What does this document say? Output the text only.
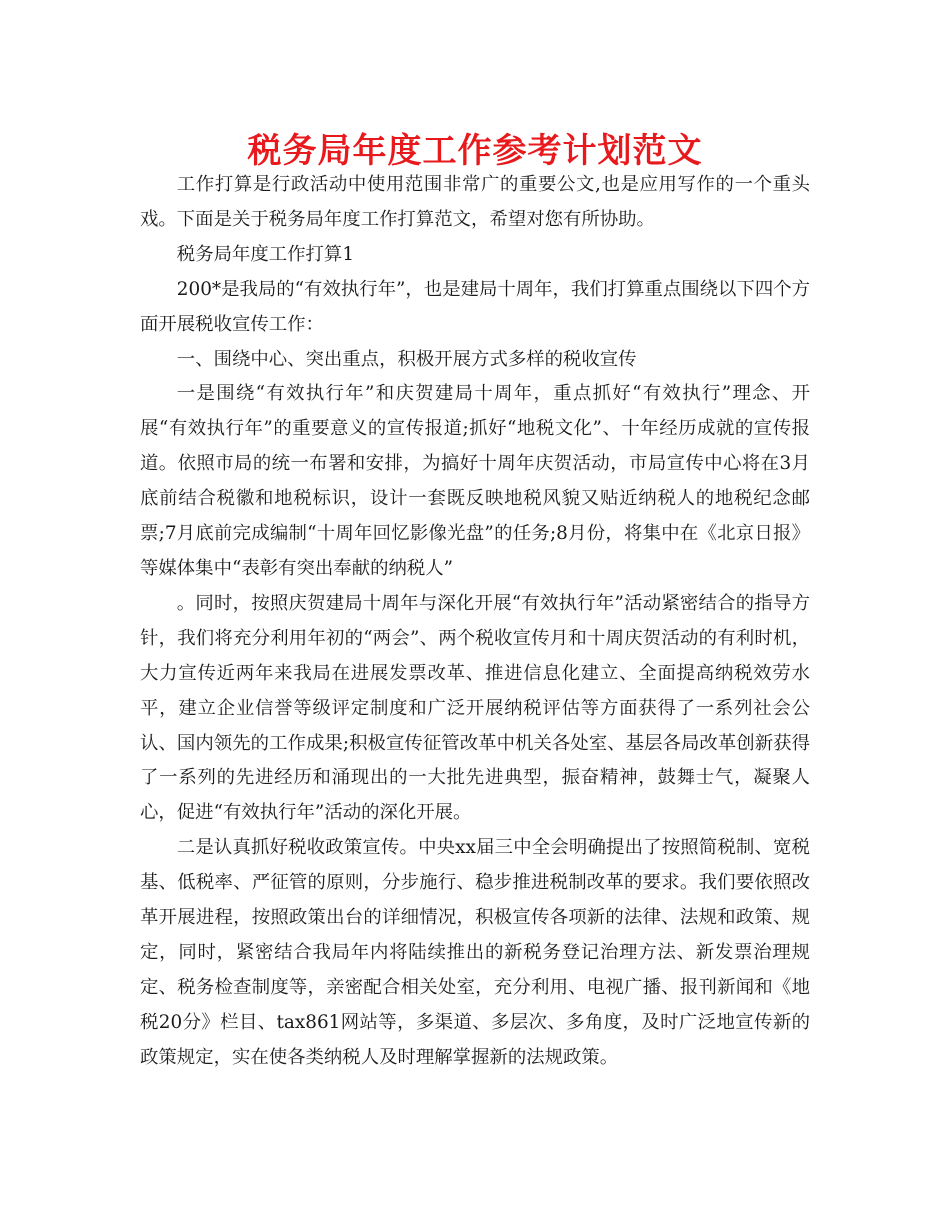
税务局年度工作参考计划范文

工作打算是行政活动中使用范围非常广的重要公文,也是应用写作的一个重头戏。下面是关于税务局年度工作打算范文，希望对您有所协助。

税务局年度工作打算1

200*是我局的“有效执行年”，也是建局十周年，我们打算重点围绕以下四个方面开展税收宣传工作：

一、围绕中心、突出重点，积极开展方式多样的税收宣传

一是围绕“有效执行年”和庆贺建局十周年，重点抓好“有效执行”理念、开展“有效执行年”的重要意义的宣传报道;抓好“地税文化”、十年经历成就的宣传报道。依照市局的统一布署和安排，为搞好十周年庆贺活动，市局宣传中心将在3月底前结合税徽和地税标识，设计一套既反映地税风貌又贴近纳税人的地税纪念邮票;7月底前完成编制“十周年回忆影像光盘”的任务;8月份，将集中在《北京日报》等媒体集中“表彰有突出奉献的纳税人”

。同时，按照庆贺建局十周年与深化开展“有效执行年”活动紧密结合的指导方针，我们将充分利用年初的“两会”、两个税收宣传月和十周庆贺活动的有利时机，大力宣传近两年来我局在进展发票改革、推进信息化建立、全面提高纳税效劳水平，建立企业信誉等级评定制度和广泛开展纳税评估等方面获得了一系列社会公认、国内领先的工作成果;积极宣传征管改革中机关各处室、基层各局改革创新获得了一系列的先进经历和涌现出的一大批先进典型，振奋精神，鼓舞士气，凝聚人心，促进“有效执行年”活动的深化开展。

二是认真抓好税收政策宣传。中央xx届三中全会明确提出了按照简税制、宽税基、低税率、严征管的原则，分步施行、稳步推进税制改革的要求。我们要依照改革开展进程，按照政策出台的详细情况，积极宣传各项新的法律、法规和政策、规定，同时，紧密结合我局年内将陆续推出的新税务登记治理方法、新发票治理规定、税务检查制度等，亲密配合相关处室，充分利用、电视广播、报刊新闻和《地税20分》栏目、tax861网站等，多渠道、多层次、多角度，及时广泛地宣传新的政策规定，实在使各类纳税人及时理解掌握新的法规政策。
